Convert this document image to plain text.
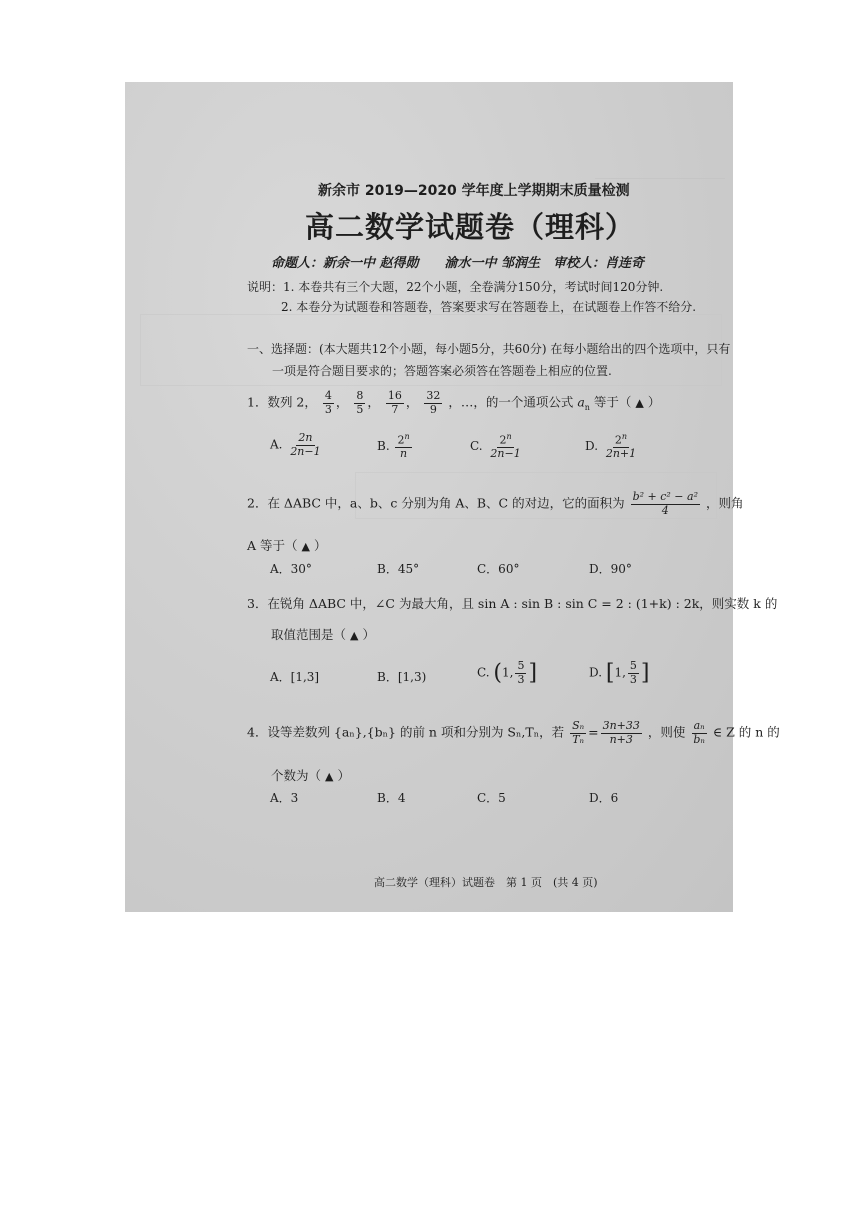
新余市 2019—2020 学年度上学期期末质量检测
高二数学试题卷（理科）
命题人：新余一中 赵得勋　　渝水一中 邹润生　审校人：肖连奇
说明：1. 本卷共有三个大题，22个小题，全卷满分150分，考试时间120分钟.
2. 本卷分为试题卷和答题卷，答案要求写在答题卷上，在试题卷上作答不给分.
一、选择题：(本大题共12个小题，每小题5分，共60分) 在每小题给出的四个选项中，只有
一项是符合题目要求的；答题答案必须答在答题卷上相应的位置.
1．数列 2， $\frac{4}{3}$ ， $\frac{8}{5}$ ， $\frac{16}{7}$ ， $\frac{32}{9}$ ，…，的一个通项公式 $a_n$ 等于（ ▲ ）
A. $\frac{2n}{2n-1}$	B. $\frac{2^n}{n}$	C. $\frac{2^n}{2n-1}$	D. $\frac{2^n}{2n+1}$
2．在 ΔABC 中，a、b、c 分别为角 A、B、C 的对边，它的面积为 $\frac{\text{b² + c² − a²}}{4}$ ，则角
A 等于（ ▲ ）
A．30°	B．45°	C．60°	D．90°
3．在锐角 ΔABC 中，∠C 为最大角，且 sin A : sin B : sin C = 2 : (1+k) : 2k，则实数 k 的
取值范围是（ ▲ ）
A．[1,3]	B．[1,3)	C. (1, $\frac{5}{3}$ ]	D. [1, $\frac{5}{3}$ ]
4．设等差数列 {aₙ},{bₙ} 的前 n 项和分别为 Sₙ,Tₙ，若 $\frac{\text{Sₙ}}{\text{Tₙ}} = \frac{3n+33}{n+3}$ ，则使 $\frac{\text{aₙ}}{\text{bₙ}}$ ∈ Z 的 n 的
个数为（ ▲ ）
A．3	B．4	C．5	D．6
高二数学（理科）试题卷　第 1 页　(共 4 页)
